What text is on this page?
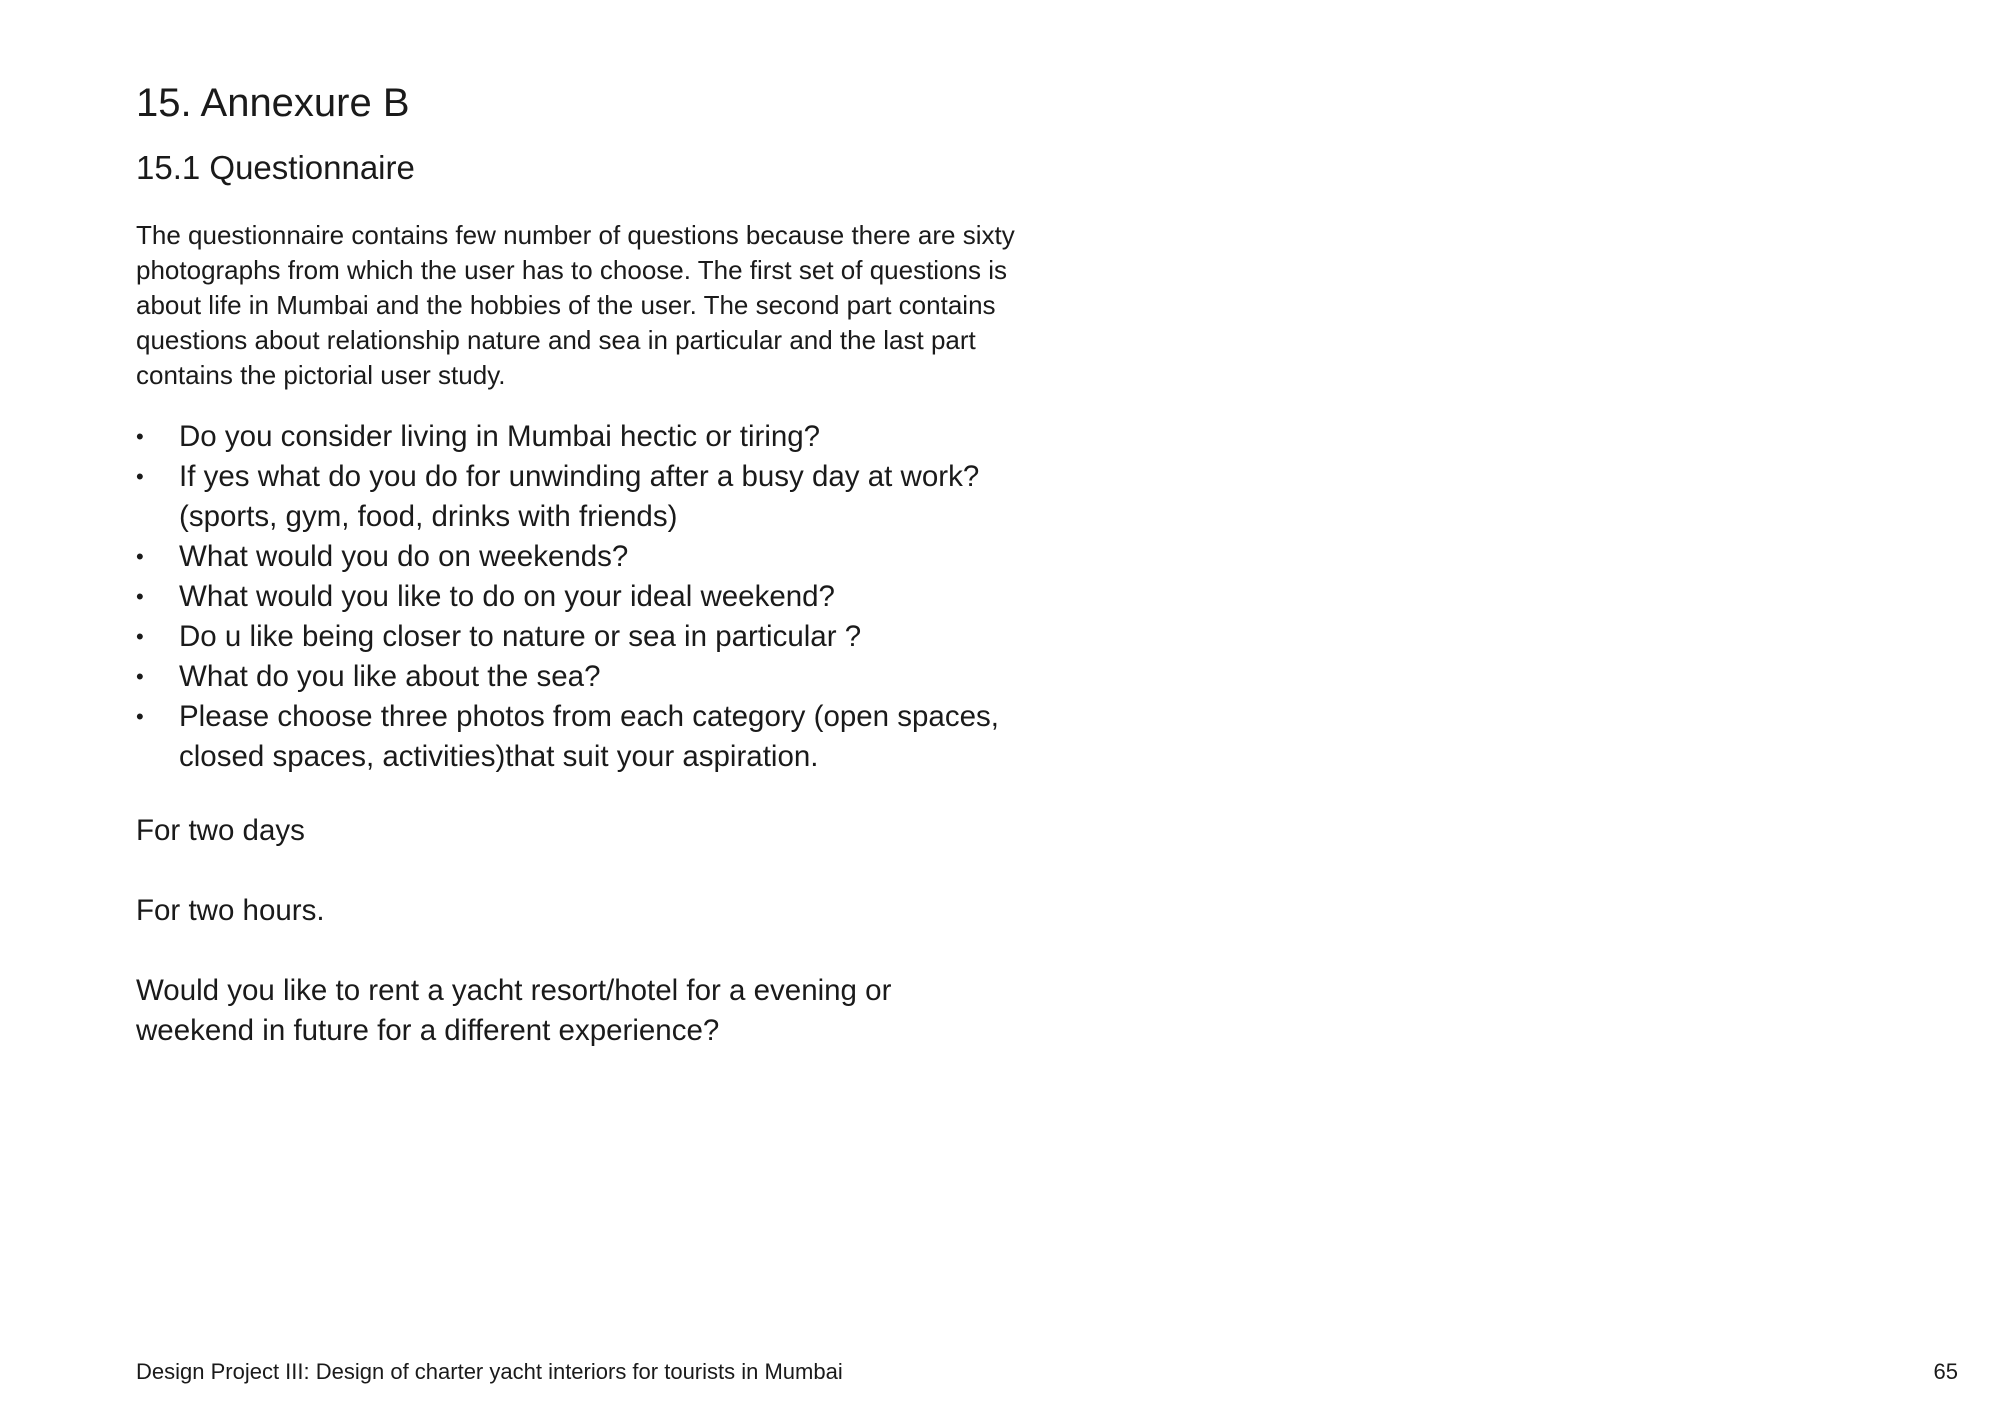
15. Annexure B
15.1 Questionnaire

The questionnaire contains few number of questions because there are sixty photographs from which the user has to choose. The first set of questions is about life in Mumbai and the hobbies of the user. The second part contains questions about relationship nature and sea in particular and the last part contains the pictorial user study.

• Do you consider living in Mumbai hectic or tiring?
• If yes what do you do for unwinding after a busy day at work? (sports, gym, food, drinks with friends)
• What would you do on weekends?
• What would you like to do on your ideal weekend?
• Do u like being closer to nature or sea in particular ?
• What do you like about the sea?
• Please choose three photos from each category (open spaces, closed spaces, activities)that suit your aspiration.

For two days

For two hours.

Would you like to rent a yacht resort/hotel for a evening or weekend in future for a different experience?

Design Project III: Design of charter yacht interiors for tourists in Mumbai	65
